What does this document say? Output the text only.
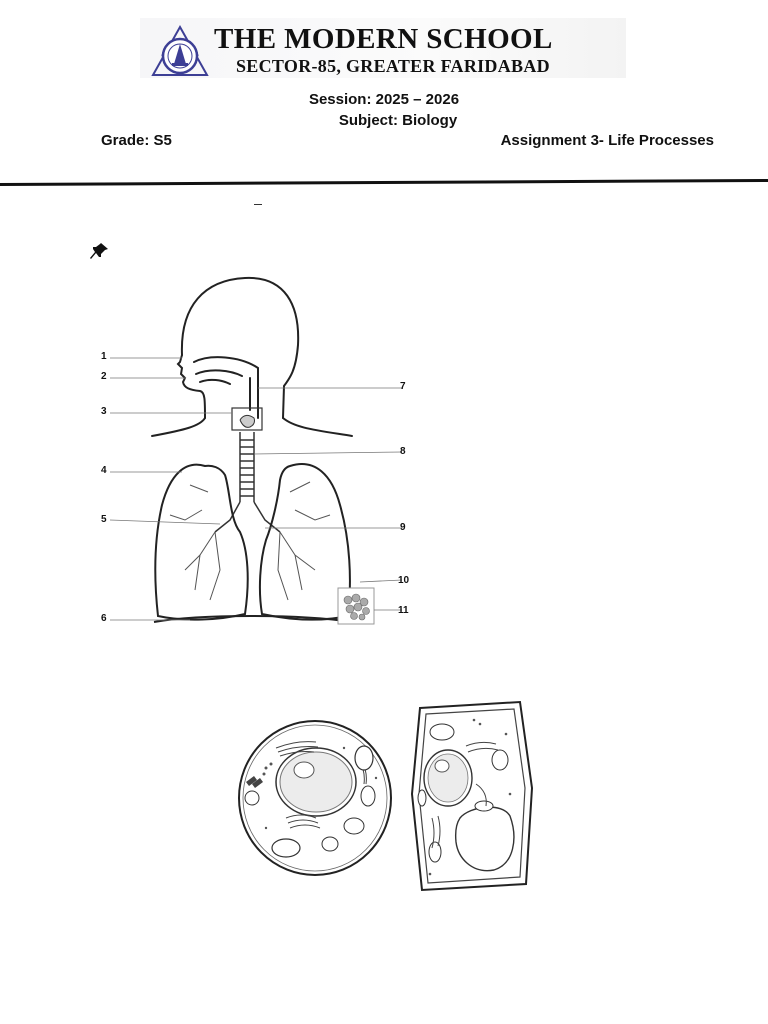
THE MODERN SCHOOL
SECTOR-85, GREATER FARIDABAD
Session: 2025 – 2026
Subject: Biology
Grade: S5	Assignment 3- Life Processes
1
2
3
4
5
6
7
8
9
10
11
